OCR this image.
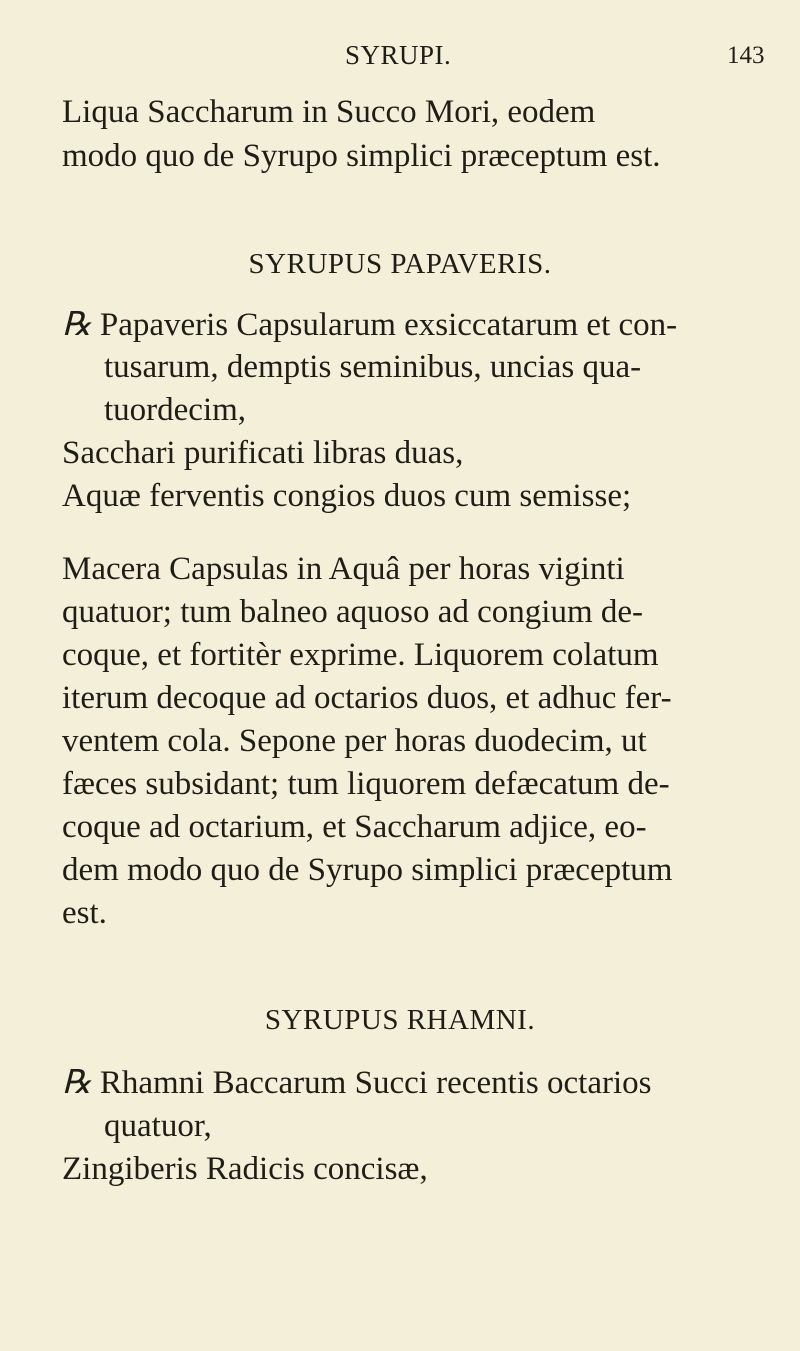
SYRUPI.	143
Liqua Saccharum in Succo Mori, eodem
modo quo de Syrupo simplici præceptum est.
SYRUPUS PAPAVERIS.
℞ Papaveris Capsularum exsiccatarum et con-
tusarum, demptis seminibus, uncias qua-
tuordecim,
Sacchari purificati libras duas,
Aquæ ferventis congios duos cum semisse;
Macera Capsulas in Aquâ per horas viginti
quatuor; tum balneo aquoso ad congium de-
coque, et fortitèr exprime. Liquorem colatum
iterum decoque ad octarios duos, et adhuc fer-
ventem cola. Sepone per horas duodecim, ut
fæces subsidant; tum liquorem defæcatum de-
coque ad octarium, et Saccharum adjice, eo-
dem modo quo de Syrupo simplici præceptum
est.
SYRUPUS RHAMNI.
℞ Rhamni Baccarum Succi recentis octarios
quatuor,
Zingiberis Radicis concisæ,
